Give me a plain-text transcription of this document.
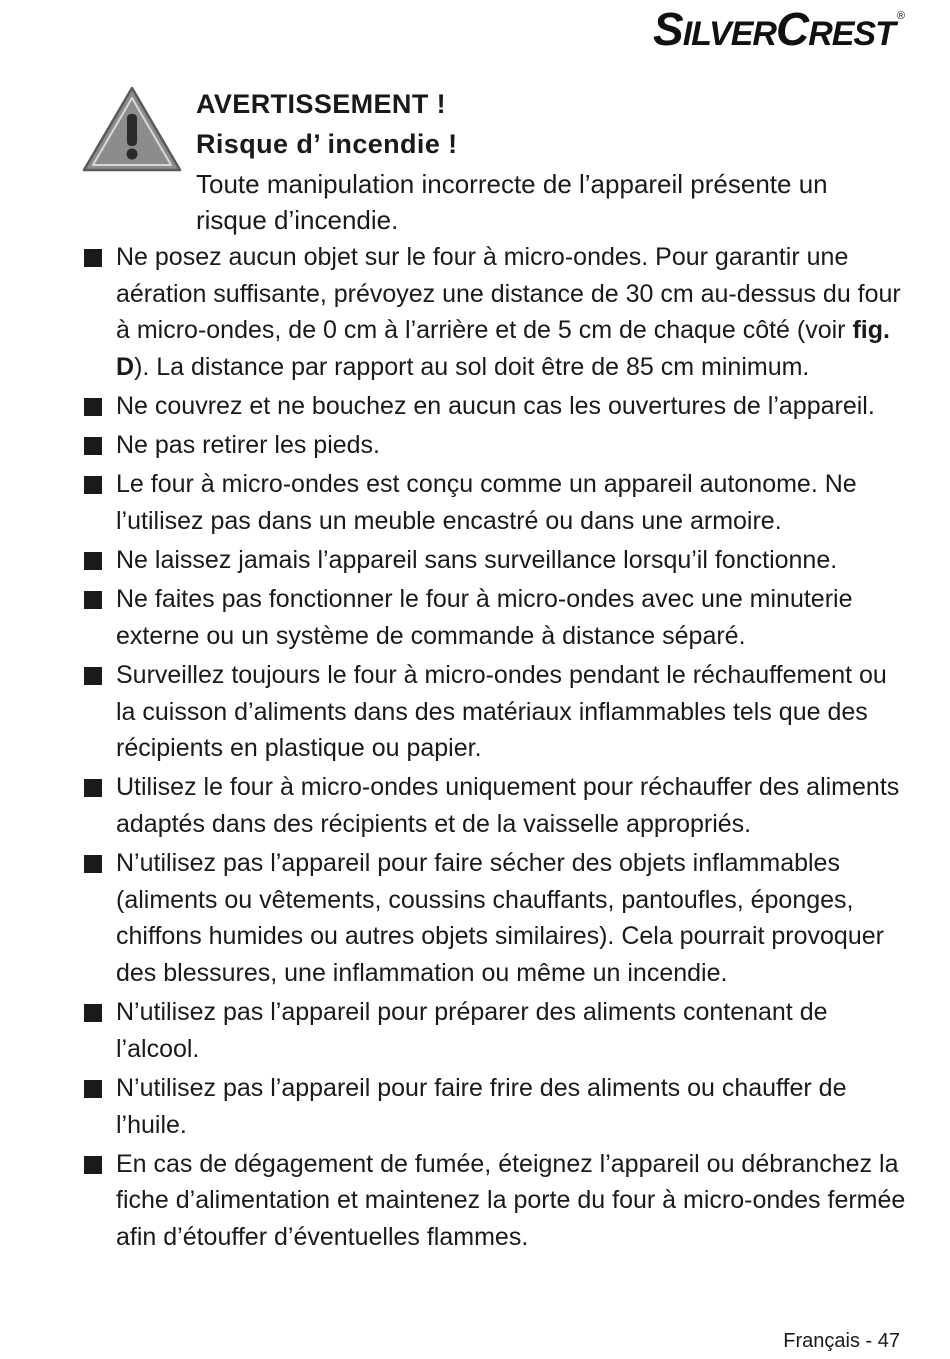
SILVERCREST ®

AVERTISSEMENT !

Risque d’ incendie !

Toute manipulation incorrecte de l’appareil présente un risque d’incendie.

Ne posez aucun objet sur le four à micro-ondes. Pour garantir une aération suffisante, prévoyez une distance de 30 cm au-dessus du four à micro-ondes, de 0 cm à l’arrière et de 5 cm de chaque côté (voir fig. D). La distance par rapport au sol doit être de 85 cm minimum.
Ne couvrez et ne bouchez en aucun cas les ouvertures de l’appareil.
Ne pas retirer les pieds.
Le four à micro-ondes est conçu comme un appareil autonome. Ne l’utilisez pas dans un meuble encastré ou dans une armoire.
Ne laissez jamais l’appareil sans surveillance lorsqu’il fonctionne.
Ne faites pas fonctionner le four à micro-ondes avec une minuterie externe ou un système de commande à distance séparé.
Surveillez toujours le four à micro-ondes pendant le réchauffement ou la cuisson d’aliments dans des matériaux inflammables tels que des récipients en plastique ou papier.
Utilisez le four à micro-ondes uniquement pour réchauffer des aliments adaptés dans des récipients et de la vaisselle appropriés.
N’utilisez pas l’appareil pour faire sécher des objets inflammables (aliments ou vêtements, coussins chauffants, pantoufles, éponges, chiffons humides ou autres objets similaires). Cela pourrait provoquer des blessures, une inflammation ou même un incendie.
N’utilisez pas l’appareil pour préparer des aliments contenant de l’alcool.
N’utilisez pas l’appareil pour faire frire des aliments ou chauffer de l’huile.
En cas de dégagement de fumée, éteignez l’appareil ou débranchez la fiche d’alimentation et maintenez la porte du four à micro-ondes fermée afin d’étouffer d’éventuelles flammes.
Français - 47
